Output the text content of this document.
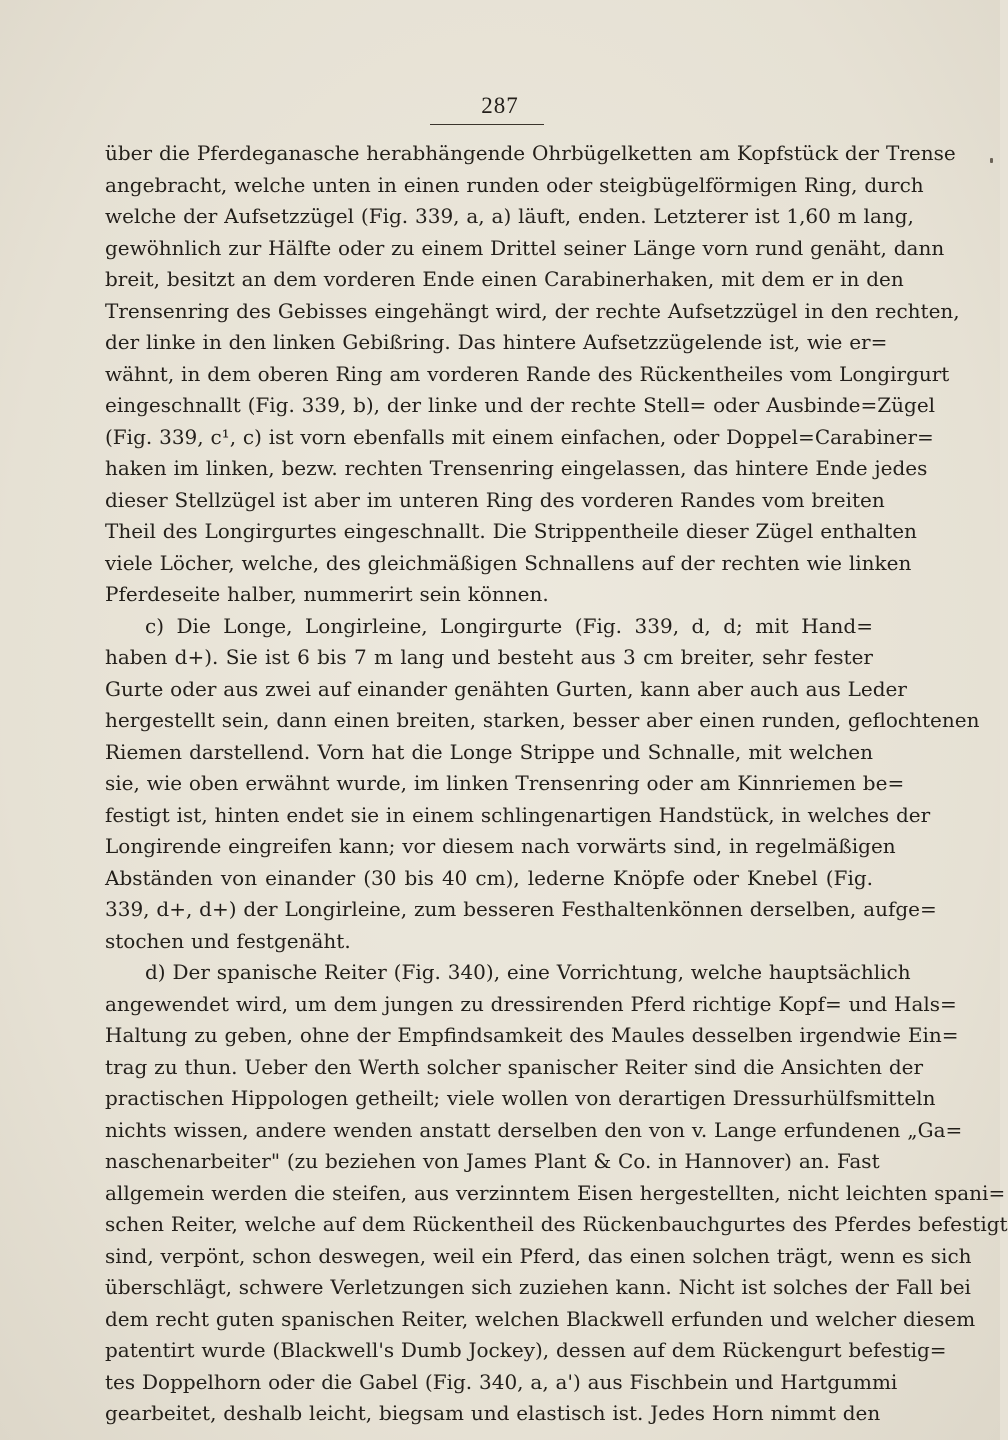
287
über die Pferdeganasche herabhängende Ohrbügelketten am Kopfstück der Trense
angebracht, welche unten in einen runden oder steigbügelförmigen Ring, durch
welche der Aufsetzzügel (Fig. 339, a, a) läuft, enden. Letzterer ist 1,60 m lang,
gewöhnlich zur Hälfte oder zu einem Drittel seiner Länge vorn rund genäht, dann
breit, besitzt an dem vorderen Ende einen Carabinerhaken, mit dem er in den
Trensenring des Gebisses eingehängt wird, der rechte Aufsetzzügel in den rechten,
der linke in den linken Gebißring. Das hintere Aufsetzzügelende ist, wie er=
wähnt, in dem oberen Ring am vorderen Rande des Rückentheiles vom Longirgurt
eingeschnallt (Fig. 339, b), der linke und der rechte Stell= oder Ausbinde=Zügel
(Fig. 339, c¹, c) ist vorn ebenfalls mit einem einfachen, oder Doppel=Carabiner=
haken im linken, bezw. rechten Trensenring eingelassen, das hintere Ende jedes
dieser Stellzügel ist aber im unteren Ring des vorderen Randes vom breiten
Theil des Longirgurtes eingeschnallt. Die Strippentheile dieser Zügel enthalten
viele Löcher, welche, des gleichmäßigen Schnallens auf der rechten wie linken
Pferdeseite halber, nummerirt sein können.
c) Die Longe, Longirleine, Longirgurte (Fig. 339, d, d; mit Hand=
haben d+). Sie ist 6 bis 7 m lang und besteht aus 3 cm breiter, sehr fester
Gurte oder aus zwei auf einander genähten Gurten, kann aber auch aus Leder
hergestellt sein, dann einen breiten, starken, besser aber einen runden, geflochtenen
Riemen darstellend. Vorn hat die Longe Strippe und Schnalle, mit welchen
sie, wie oben erwähnt wurde, im linken Trensenring oder am Kinnriemen be=
festigt ist, hinten endet sie in einem schlingenartigen Handstück, in welches der
Longirende eingreifen kann; vor diesem nach vorwärts sind, in regelmäßigen
Abständen von einander (30 bis 40 cm), lederne Knöpfe oder Knebel (Fig.
339, d+, d+) der Longirleine, zum besseren Festhaltenkönnen derselben, aufge=
stochen und festgenäht.
d) Der spanische Reiter (Fig. 340), eine Vorrichtung, welche hauptsächlich
angewendet wird, um dem jungen zu dressirenden Pferd richtige Kopf= und Hals=
Haltung zu geben, ohne der Empfindsamkeit des Maules desselben irgendwie Ein=
trag zu thun. Ueber den Werth solcher spanischer Reiter sind die Ansichten der
practischen Hippologen getheilt; viele wollen von derartigen Dressurhülfsmitteln
nichts wissen, andere wenden anstatt derselben den von v. Lange erfundenen „Ga=
naschenarbeiter" (zu beziehen von James Plant & Co. in Hannover) an. Fast
allgemein werden die steifen, aus verzinntem Eisen hergestellten, nicht leichten spani=
schen Reiter, welche auf dem Rückentheil des Rückenbauchgurtes des Pferdes befestigt
sind, verpönt, schon deswegen, weil ein Pferd, das einen solchen trägt, wenn es sich
überschlägt, schwere Verletzungen sich zuziehen kann. Nicht ist solches der Fall bei
dem recht guten spanischen Reiter, welchen Blackwell erfunden und welcher diesem
patentirt wurde (Blackwell's Dumb Jockey), dessen auf dem Rückengurt befestig=
tes Doppelhorn oder die Gabel (Fig. 340, a, a') aus Fischbein und Hartgummi
gearbeitet, deshalb leicht, biegsam und elastisch ist. Jedes Horn nimmt den
